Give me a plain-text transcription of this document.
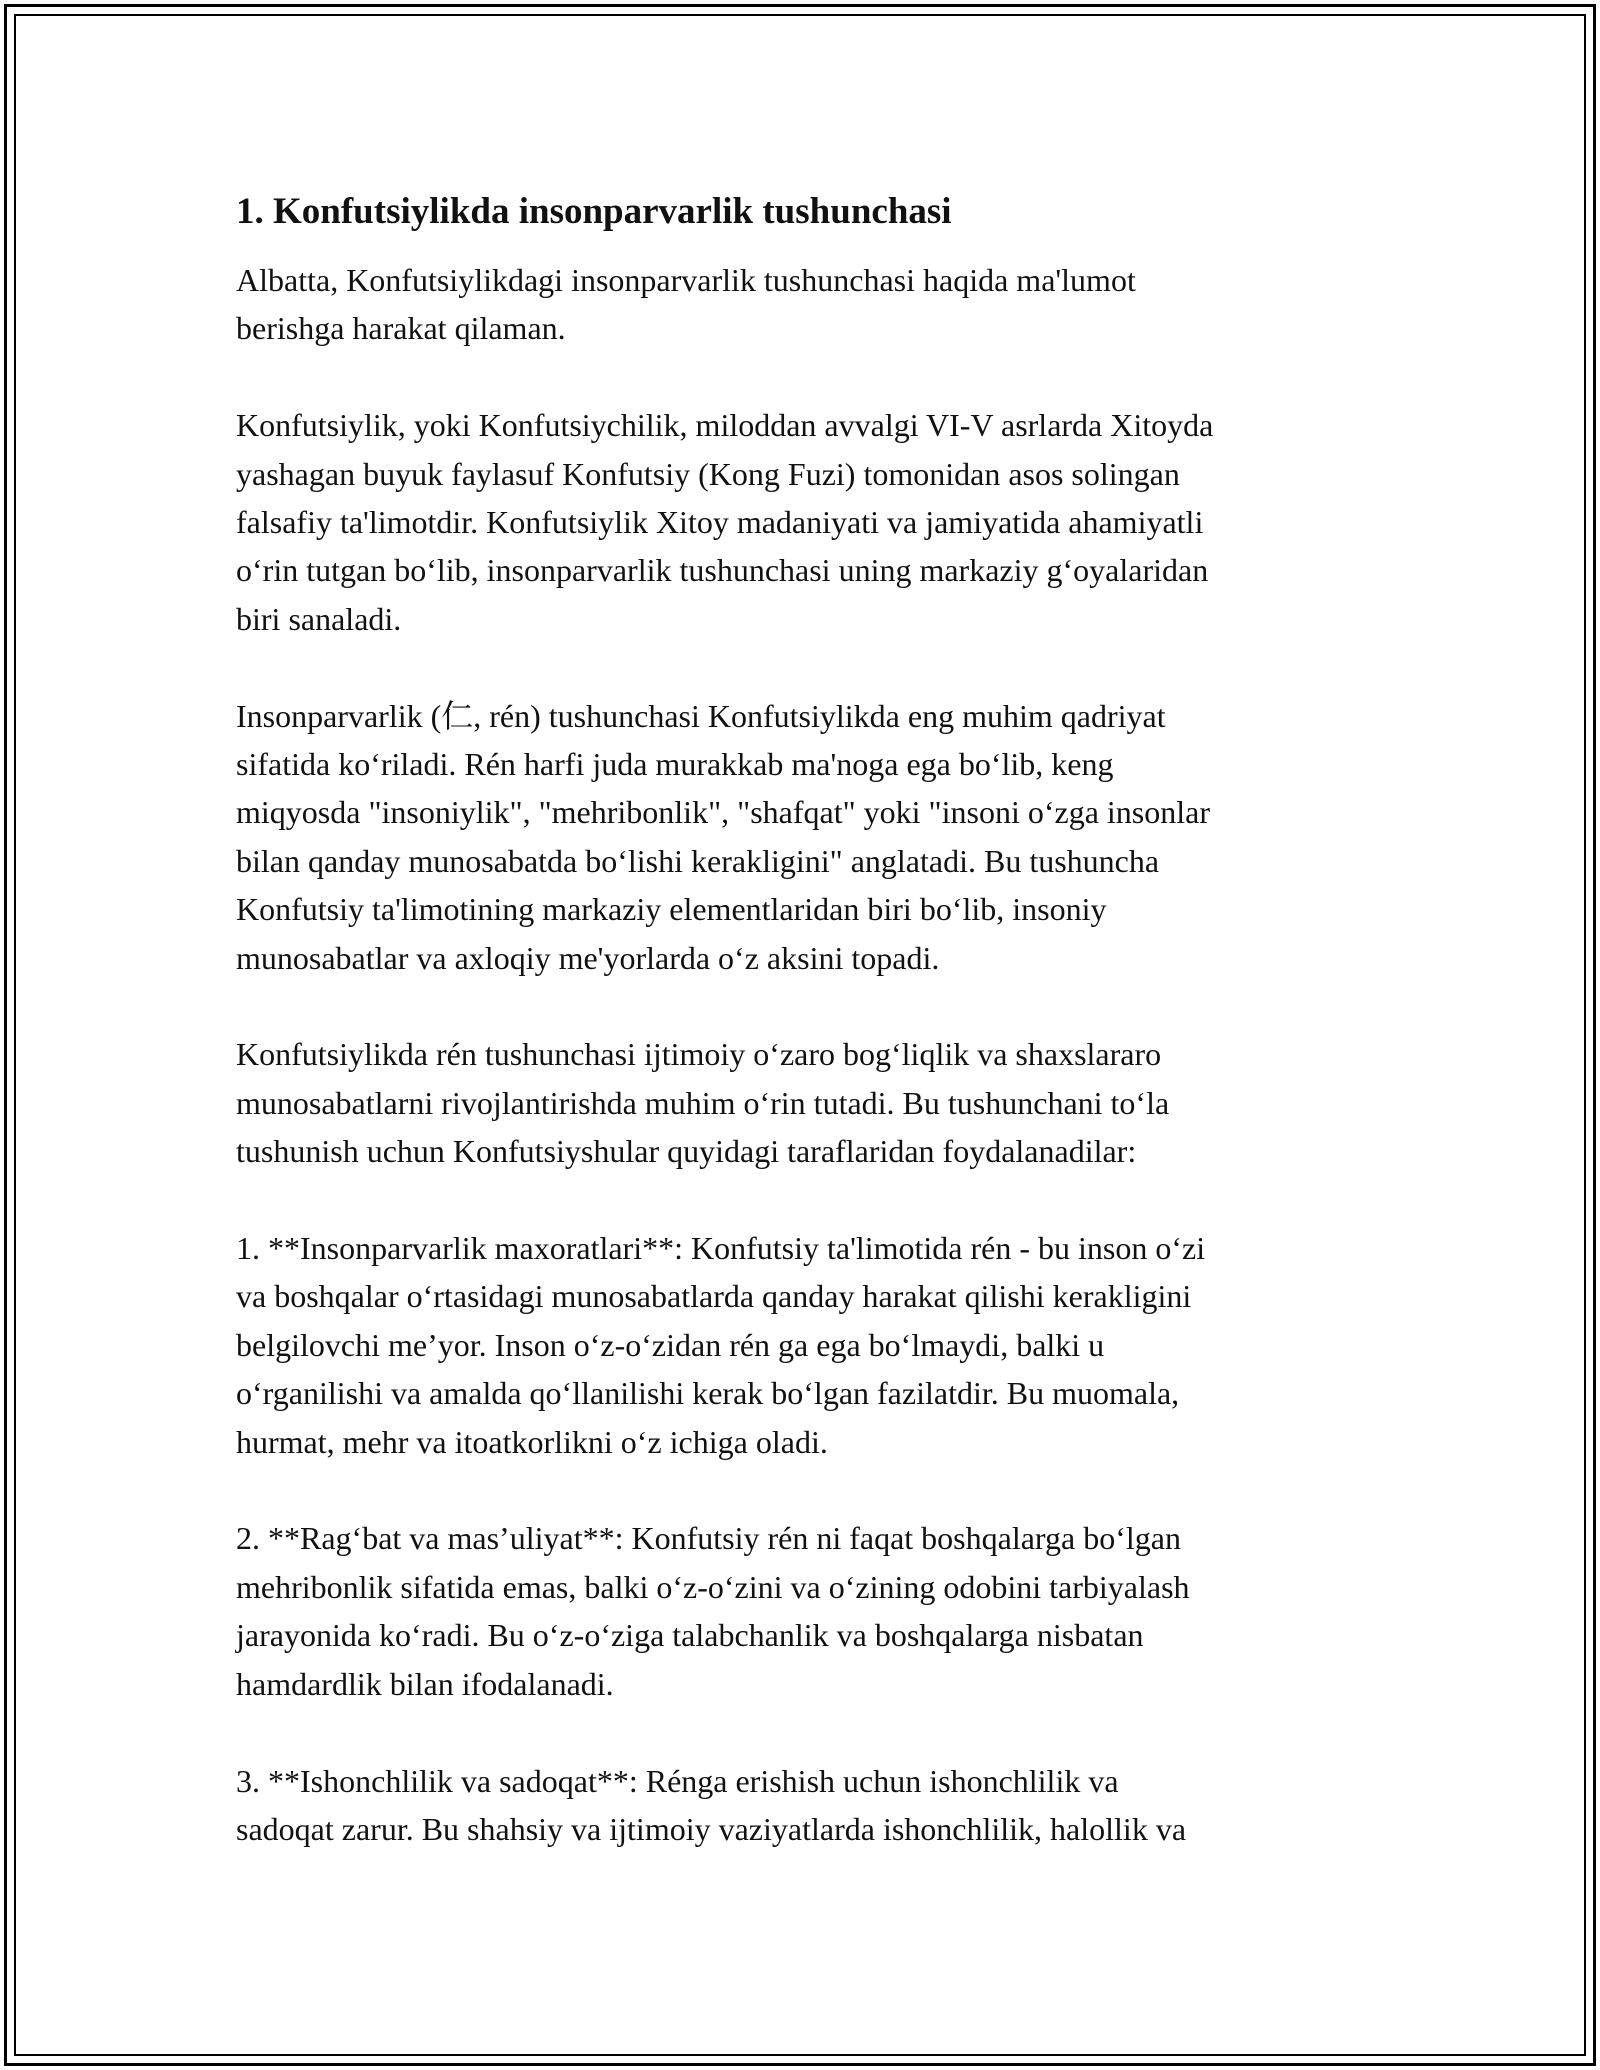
1. Konfutsiylikda insonparvarlik tushunchasi
Albatta, Konfutsiylikdagi insonparvarlik tushunchasi haqida ma'lumot
berishga harakat qilaman.
Konfutsiylik, yoki Konfutsiychilik, miloddan avvalgi VI-V asrlarda Xitoyda
yashagan buyuk faylasuf Konfutsiy (Kong Fuzi) tomonidan asos solingan
falsafiy ta'limotdir. Konfutsiylik Xitoy madaniyati va jamiyatida ahamiyatli
oʻrin tutgan boʻlib, insonparvarlik tushunchasi uning markaziy gʻoyalaridan
biri sanaladi.
Insonparvarlik (仁, rén) tushunchasi Konfutsiylikda eng muhim qadriyat
sifatida koʻriladi. Rén harfi juda murakkab ma'noga ega boʻlib, keng
miqyosda "insoniylik", "mehribonlik", "shafqat" yoki "insoni oʻzga insonlar
bilan qanday munosabatda boʻlishi kerakligini" anglatadi. Bu tushuncha
Konfutsiy ta'limotining markaziy elementlaridan biri boʻlib, insoniy
munosabatlar va axloqiy me'yorlarda oʻz aksini topadi.
Konfutsiylikda rén tushunchasi ijtimoiy oʻzaro bogʻliqlik va shaxslararo
munosabatlarni rivojlantirishda muhim oʻrin tutadi. Bu tushunchani toʻla
tushunish uchun Konfutsiyshular quyidagi taraflaridan foydalanadilar:
1. **Insonparvarlik maxoratlari**: Konfutsiy ta'limotida rén - bu inson oʻzi
va boshqalar oʻrtasidagi munosabatlarda qanday harakat qilishi kerakligini
belgilovchi me’yor. Inson oʻz-oʻzidan rén ga ega boʻlmaydi, balki u
oʻrganilishi va amalda qoʻllanilishi kerak boʻlgan fazilatdir. Bu muomala,
hurmat, mehr va itoatkorlikni oʻz ichiga oladi.
2. **Ragʻbat va mas’uliyat**: Konfutsiy rén ni faqat boshqalarga boʻlgan
mehribonlik sifatida emas, balki oʻz-oʻzini va oʻzining odobini tarbiyalash
jarayonida koʻradi. Bu oʻz-oʻziga talabchanlik va boshqalarga nisbatan
hamdardlik bilan ifodalanadi.
3. **Ishonchlilik va sadoqat**: Rénga erishish uchun ishonchlilik va
sadoqat zarur. Bu shahsiy va ijtimoiy vaziyatlarda ishonchlilik, halollik va
